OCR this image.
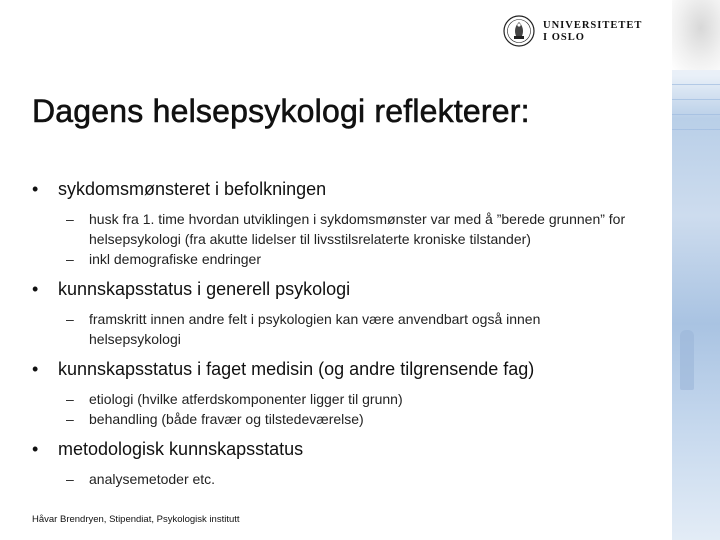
UNIVERSITETET
I OSLO
Dagens helsepsykologi reflekterer:
• sykdomsmønsteret i befolkningen
– husk fra 1. time hvordan utviklingen i sykdomsmønster var med å ”berede grunnen” for helsepsykologi (fra akutte lidelser til livsstilsrelaterte kroniske tilstander)
– inkl demografiske endringer
• kunnskapsstatus i generell psykologi
– framskritt innen andre felt i psykologien kan være anvendbart også innen helsepsykologi
• kunnskapsstatus i faget medisin (og andre tilgrensende fag)
– etiologi (hvilke atferdskomponenter ligger til grunn)
– behandling (både fravær og tilstedeværelse)
• metodologisk kunnskapsstatus
– analysemetoder etc.
Håvar Brendryen, Stipendiat, Psykologisk institutt
